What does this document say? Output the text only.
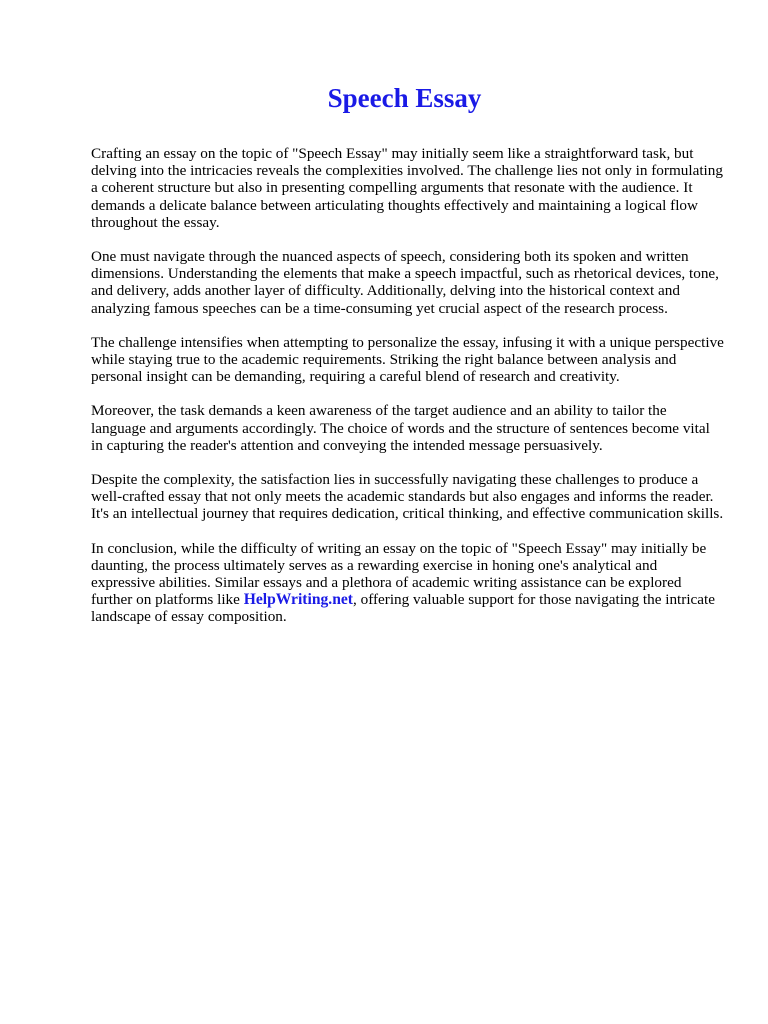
Speech Essay

Crafting an essay on the topic of "Speech Essay" may initially seem like a straightforward task, but delving into the intricacies reveals the complexities involved. The challenge lies not only in formulating a coherent structure but also in presenting compelling arguments that resonate with the audience. It demands a delicate balance between articulating thoughts effectively and maintaining a logical flow throughout the essay.

One must navigate through the nuanced aspects of speech, considering both its spoken and written dimensions. Understanding the elements that make a speech impactful, such as rhetorical devices, tone, and delivery, adds another layer of difficulty. Additionally, delving into the historical context and analyzing famous speeches can be a time-consuming yet crucial aspect of the research process.

The challenge intensifies when attempting to personalize the essay, infusing it with a unique perspective while staying true to the academic requirements. Striking the right balance between analysis and personal insight can be demanding, requiring a careful blend of research and creativity.

Moreover, the task demands a keen awareness of the target audience and an ability to tailor the language and arguments accordingly. The choice of words and the structure of sentences become vital in capturing the reader's attention and conveying the intended message persuasively.

Despite the complexity, the satisfaction lies in successfully navigating these challenges to produce a well-crafted essay that not only meets the academic standards but also engages and informs the reader. It's an intellectual journey that requires dedication, critical thinking, and effective communication skills.

In conclusion, while the difficulty of writing an essay on the topic of "Speech Essay" may initially be daunting, the process ultimately serves as a rewarding exercise in honing one's analytical and expressive abilities. Similar essays and a plethora of academic writing assistance can be explored further on platforms like HelpWriting.net, offering valuable support for those navigating the intricate landscape of essay composition.
